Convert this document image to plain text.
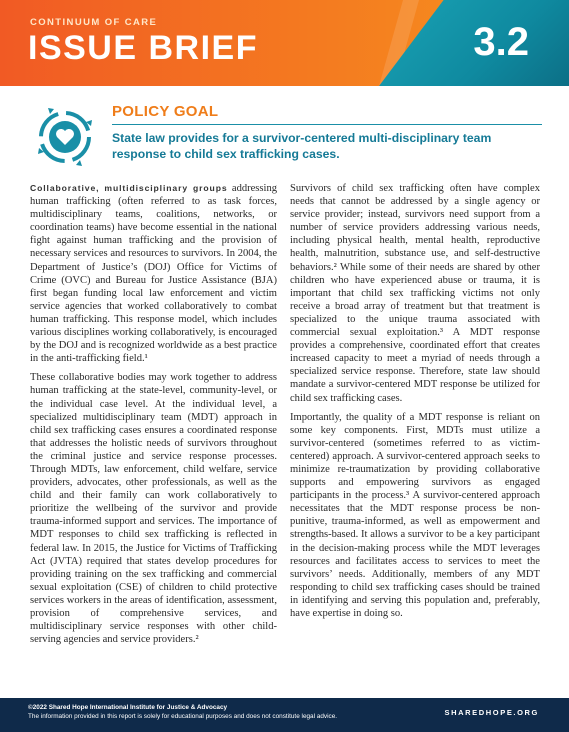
CONTINUUM OF CARE
ISSUE BRIEF	3.2
POLICY GOAL
State law provides for a survivor-centered multi-disciplinary team response to child sex trafficking cases.

Collaborative, multidisciplinary groups addressing human trafficking (often referred to as task forces, multidisciplinary teams, coalitions, networks, or coordination teams) have become essential in the national fight against human trafficking and the provision of necessary services and resources to survivors. In 2004, the Department of Justice’s (DOJ) Office for Victims of Crime (OVC) and Bureau for Justice Assistance (BJA) first began funding local law enforcement and victim service agencies that worked collaboratively to combat human trafficking. This response model, which includes various disciplines working collaboratively, is encouraged by the DOJ and is recognized worldwide as a best practice in the anti-trafficking field.¹

These collaborative bodies may work together to address human trafficking at the state-level, community-level, or the individual case level. At the individual level, a specialized multidisciplinary team (MDT) approach in child sex trafficking cases ensures a coordinated response that addresses the holistic needs of survivors throughout the criminal justice and service response processes. Through MDTs, law enforcement, child welfare, service providers, advocates, other professionals, as well as the child and their family can work collaboratively to prioritize the wellbeing of the survivor and provide trauma-informed support and services. The importance of MDT responses to child sex trafficking is reflected in federal law. In 2015, the Justice for Victims of Trafficking Act (JVTA) required that states develop procedures for providing training on the sex trafficking and commercial sexual exploitation (CSE) of children to child protective services workers in the areas of identification, assessment, provision of comprehensive services, and multidisciplinary service responses with other child-serving agencies and service providers.²

Survivors of child sex trafficking often have complex needs that cannot be addressed by a single agency or service provider; instead, survivors need support from a number of service providers addressing various needs, including physical health, mental health, reproductive health, malnutrition, substance use, and self-destructive behaviors.² While some of their needs are shared by other children who have experienced abuse or trauma, it is important that child sex trafficking victims not only receive a broad array of treatment but that treatment is specialized to the unique trauma associated with commercial sexual exploitation.³ A MDT response provides a comprehensive, coordinated effort that creates increased capacity to meet a myriad of needs through a specialized service response. Therefore, state law should mandate a survivor-centered MDT response be utilized for child sex trafficking cases.

Importantly, the quality of a MDT response is reliant on some key components. First, MDTs must utilize a survivor-centered (sometimes referred to as victim-centered) approach. A survivor-centered approach seeks to minimize re-traumatization by providing collaborative supports and empowering survivors as engaged participants in the process.³ A survivor-centered approach necessitates that the MDT response process be non-punitive, trauma-informed, as well as empowerment and strengths-based. It allows a survivor to be a key participant in the decision-making process while the MDT leverages resources and facilitates access to services to meet the survivors’ needs. Additionally, members of any MDT responding to child sex trafficking cases should be trained in identifying and serving this population and, preferably, have expertise in doing so.

©2022 Shared Hope International Institute for Justice & Advocacy
The information provided in this report is solely for educational purposes and does not constitute legal advice.	SHAREDHOPE.ORG
